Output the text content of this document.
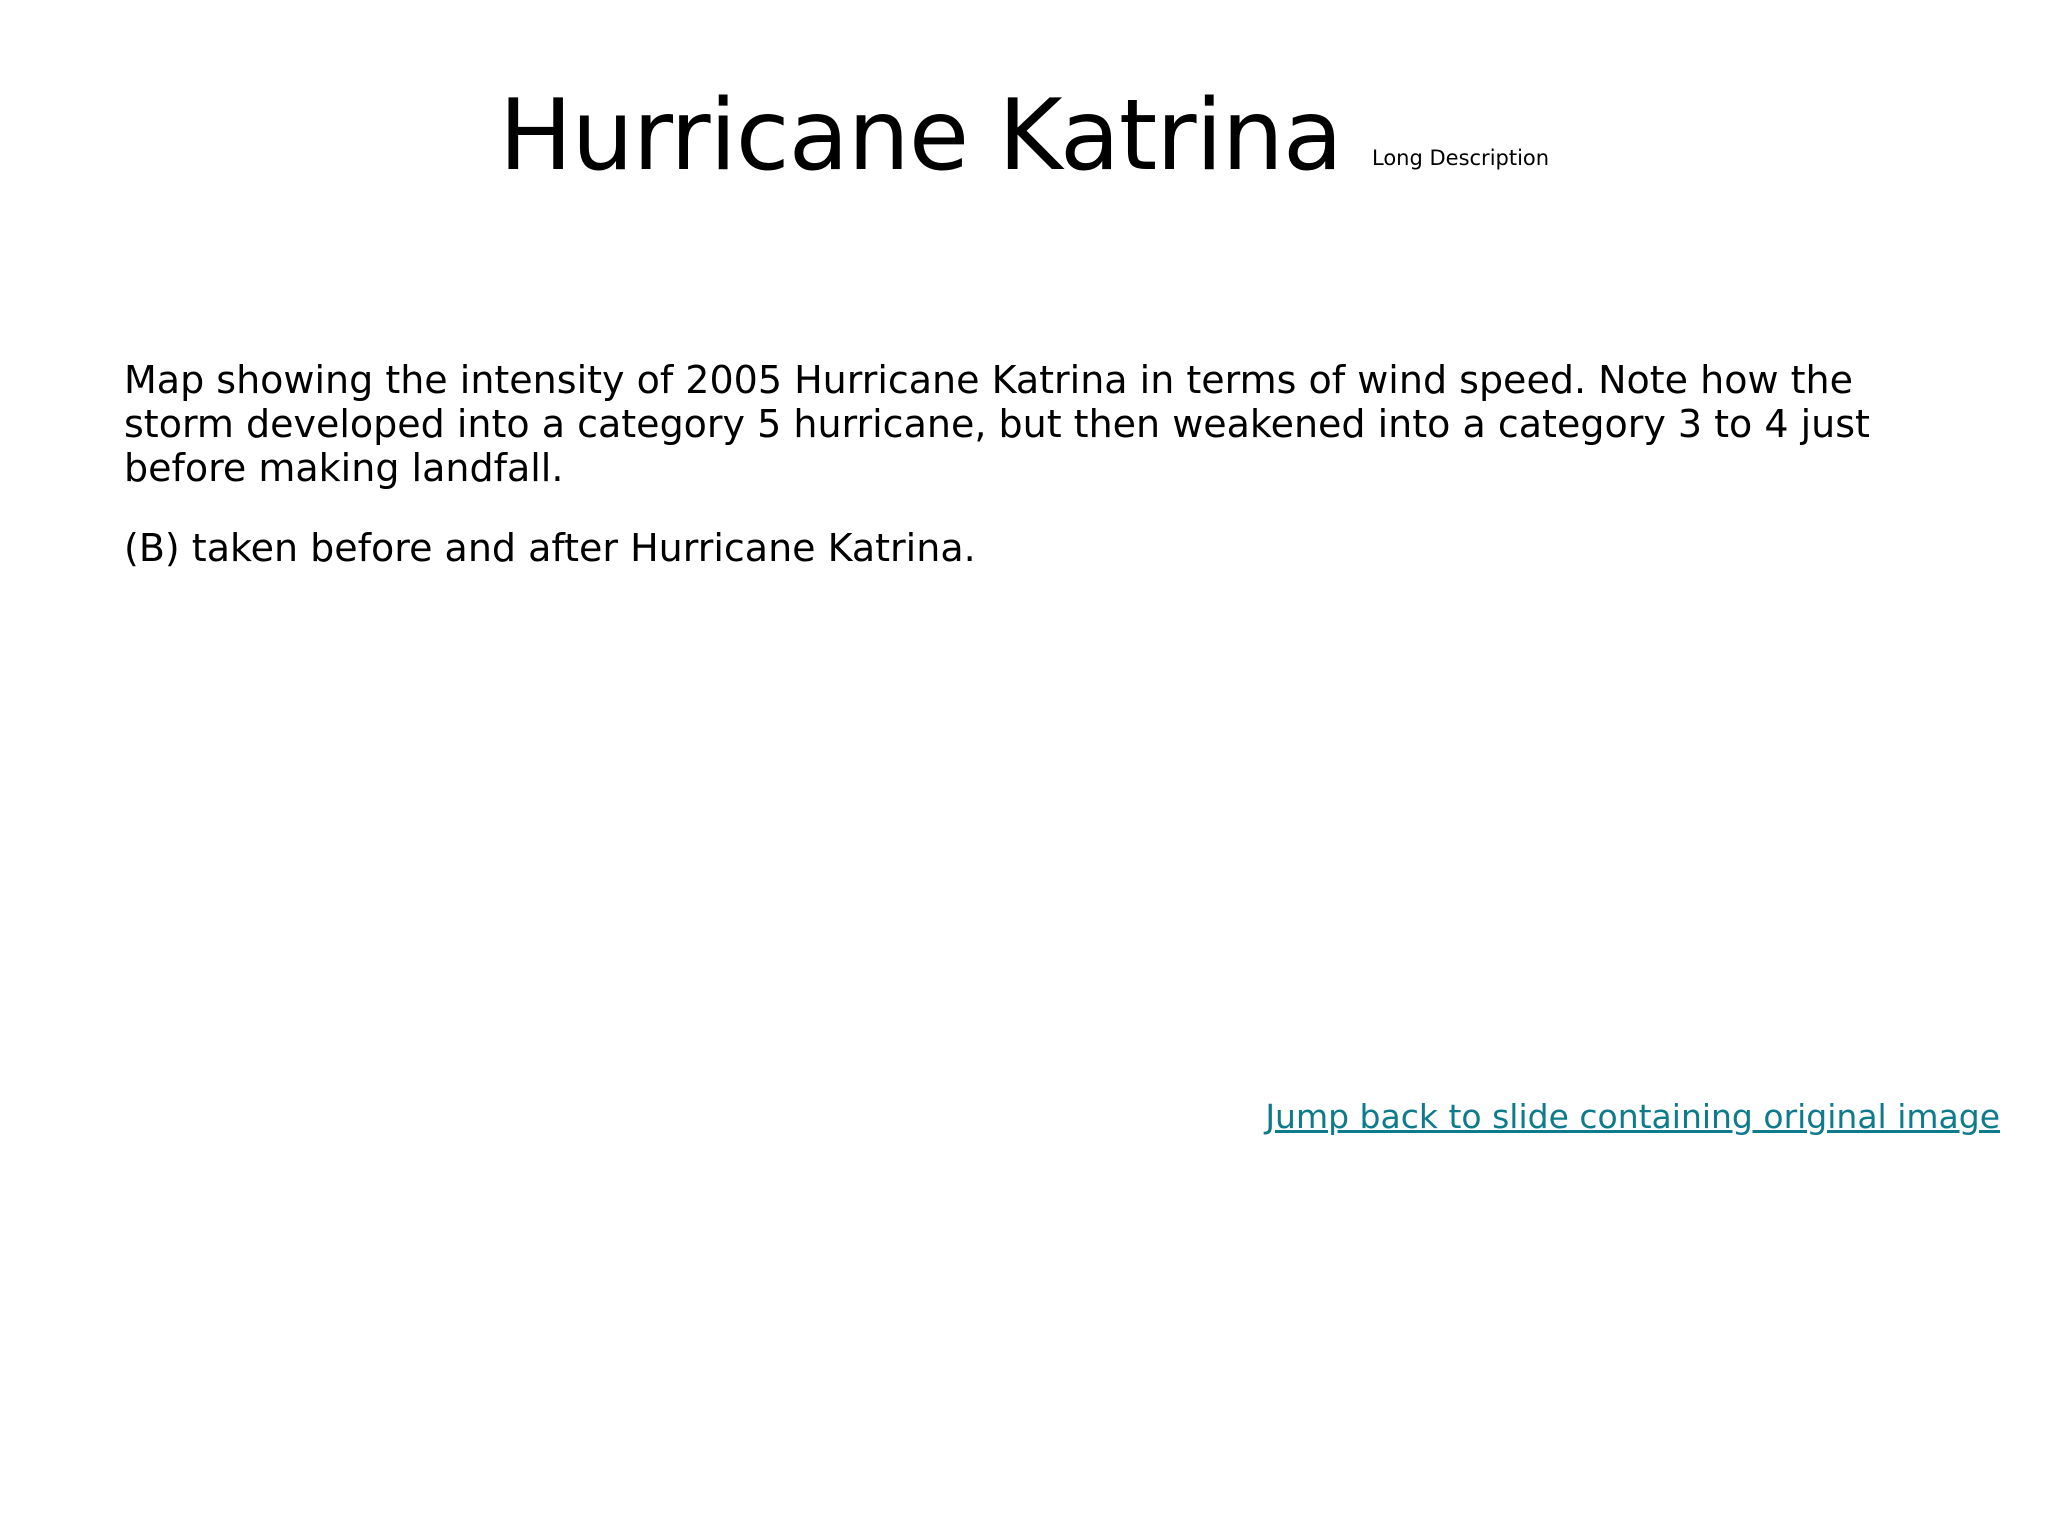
Hurricane Katrina Long Description

Map showing the intensity of 2005 Hurricane Katrina in terms of wind speed. Note how the storm developed into a category 5 hurricane, but then weakened into a category 3 to 4 just before making landfall.

(B) taken before and after Hurricane Katrina.

Jump back to slide containing original image
